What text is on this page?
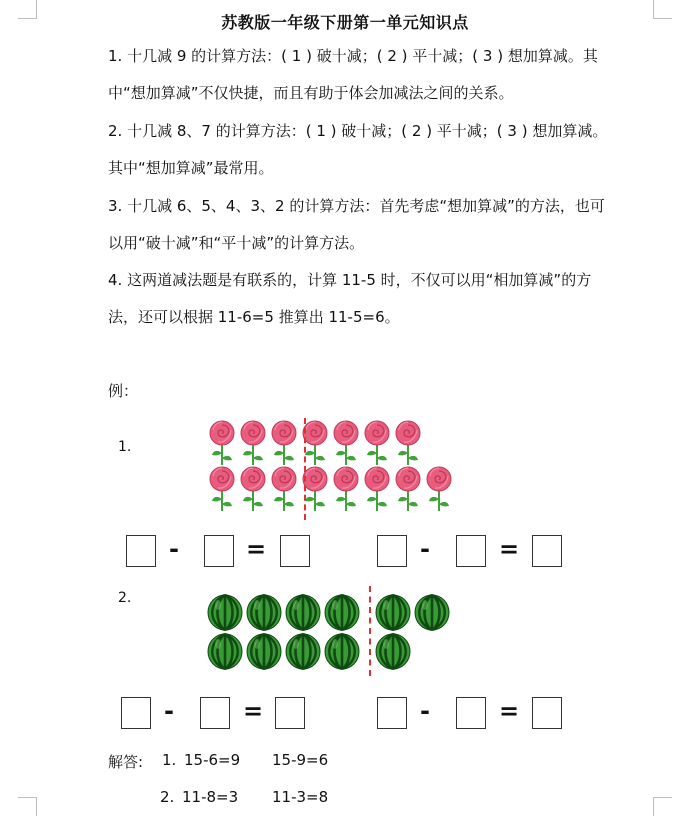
苏教版一年级下册第一单元知识点

1. 十几减 9 的计算方法：( 1 ) 破十减；( 2 ) 平十减；( 3 ) 想加算减。其中“想加算减”不仅快捷，而且有助于体会加减法之间的关系。

2. 十几减 8、7 的计算方法：( 1 ) 破十减；( 2 ) 平十减；( 3 ) 想加算减。其中“想加算减”最常用。

3. 十几减 6、5、4、3、2 的计算方法：首先考虑“想加算减”的方法，也可以用“破十减”和“平十减”的计算方法。

4. 这两道减法题是有联系的，计算 11-5 时，不仅可以用“相加算减”的方法，还可以根据 11-6=5 推算出 11-5=6。

例：
1.
-	=	-	=
2.
-	=	-	=
解答: 1. 15-6=9 15-9=6
2. 11-8=3 11-3=8
